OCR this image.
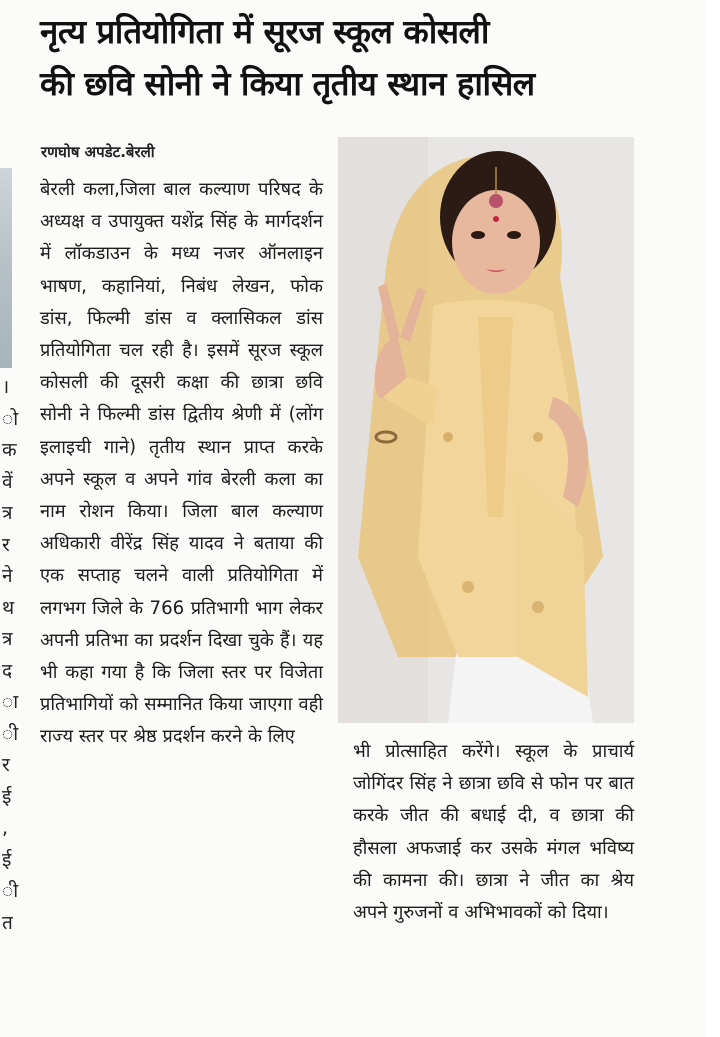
।
ो
क
वें
त्र
र
ने
थ
त्र
द
ा
ी
र
ई
,
ई
ी
त
नृत्य प्रतियोगिता में सूरज स्कूल कोसली
की छवि सोनी ने किया तृतीय स्थान हासिल
रणघोष अपडेट.बेरली
बेरली कला,जिला बाल कल्याण परिषद के अध्यक्ष व उपायुक्त यशेंद्र सिंह के मार्गदर्शन में लॉकडाउन के मध्य नजर ऑनलाइन भाषण, कहानियां, निबंध लेखन, फोक डांस, फिल्मी डांस व क्लासिकल डांस प्रतियोगिता चल रही है। इसमें सूरज स्कूल कोसली की दूसरी कक्षा की छात्रा छवि सोनी ने फिल्मी डांस द्वितीय श्रेणी में (लोंग इलाइची गाने) तृतीय स्थान प्राप्त करके अपने स्कूल व अपने गांव बेरली कला का नाम रोशन किया। जिला बाल कल्याण अधिकारी वीरेंद्र सिंह यादव ने बताया की एक सप्ताह चलने वाली प्रतियोगिता में लगभग जिले के 766 प्रतिभागी भाग लेकर अपनी प्रतिभा का प्रदर्शन दिखा चुके हैं। यह भी कहा गया है कि जिला स्तर पर विजेता प्रतिभागियों को सम्मानित किया जाएगा वही राज्य स्तर पर श्रेष्ठ प्रदर्शन करने के लिए
भी प्रोत्साहित करेंगे। स्कूल के प्राचार्य जोगिंदर सिंह ने छात्रा छवि से फोन पर बात करके जीत की बधाई दी, व छात्रा की हौसला अफजाई कर उसके मंगल भविष्य की कामना की। छात्रा ने जीत का श्रेय अपने गुरुजनों व अभिभावकों को दिया।
